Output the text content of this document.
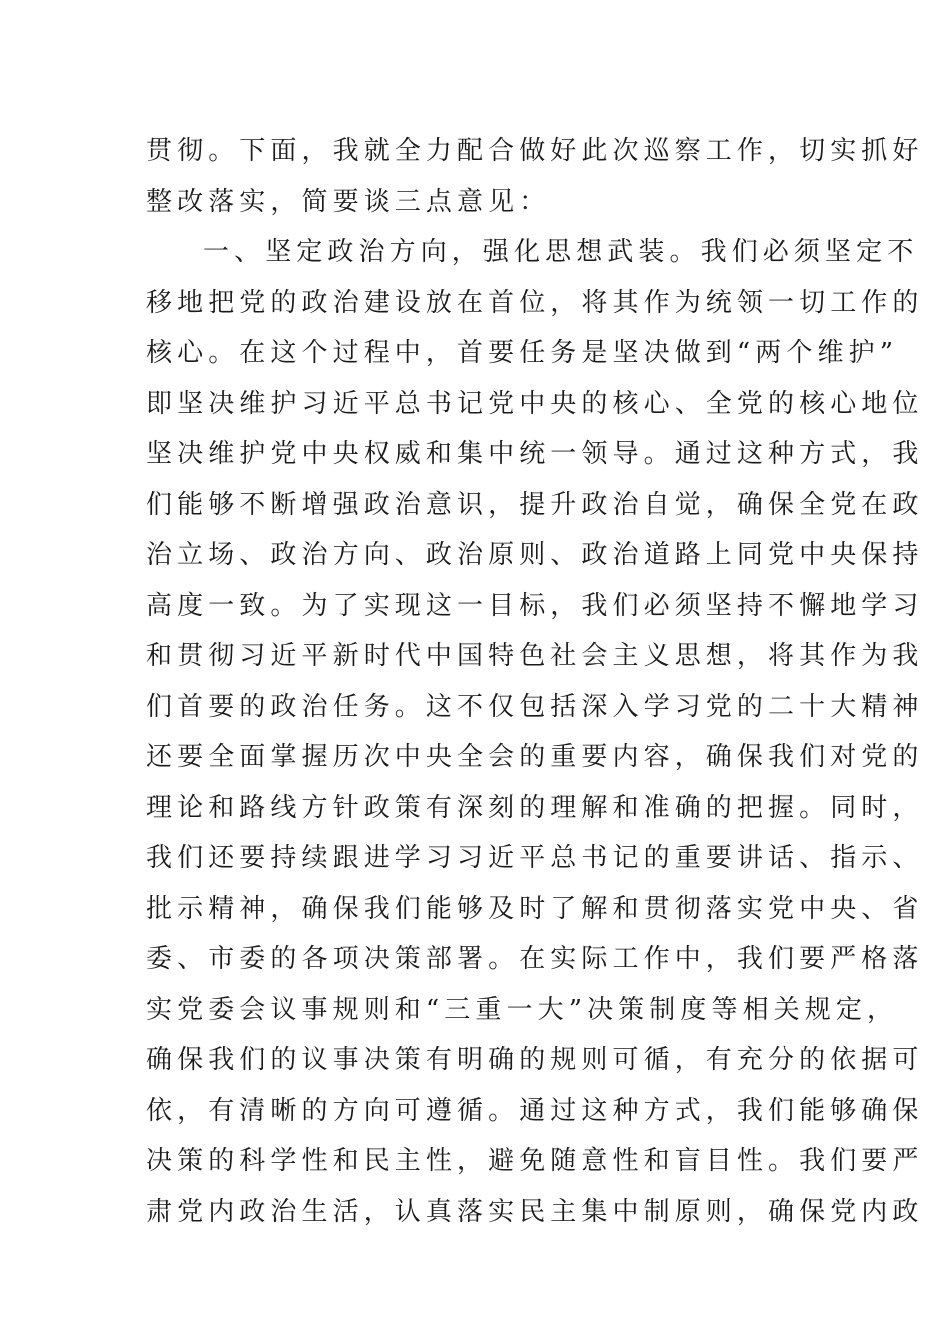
贯彻。下面，我就全力配合做好此次巡察工作，切实抓好
整改落实，简要谈三点意见：
一、坚定政治方向，强化思想武装。我们必须坚定不
移地把党的政治建设放在首位，将其作为统领一切工作的
核心。在这个过程中，首要任务是坚决做到“两个维护”
即坚决维护习近平总书记党中央的核心、全党的核心地位
坚决维护党中央权威和集中统一领导。通过这种方式，我
们能够不断增强政治意识，提升政治自觉，确保全党在政
治立场、政治方向、政治原则、政治道路上同党中央保持
高度一致。为了实现这一目标，我们必须坚持不懈地学习
和贯彻习近平新时代中国特色社会主义思想，将其作为我
们首要的政治任务。这不仅包括深入学习党的二十大精神
还要全面掌握历次中央全会的重要内容，确保我们对党的
理论和路线方针政策有深刻的理解和准确的把握。同时，
我们还要持续跟进学习习近平总书记的重要讲话、指示、
批示精神，确保我们能够及时了解和贯彻落实党中央、省
委、市委的各项决策部署。在实际工作中，我们要严格落
实党委会议事规则和“三重一大”决策制度等相关规定，
确保我们的议事决策有明确的规则可循，有充分的依据可
依，有清晰的方向可遵循。通过这种方式，我们能够确保
决策的科学性和民主性，避免随意性和盲目性。我们要严
肃党内政治生活，认真落实民主集中制原则，确保党内政
